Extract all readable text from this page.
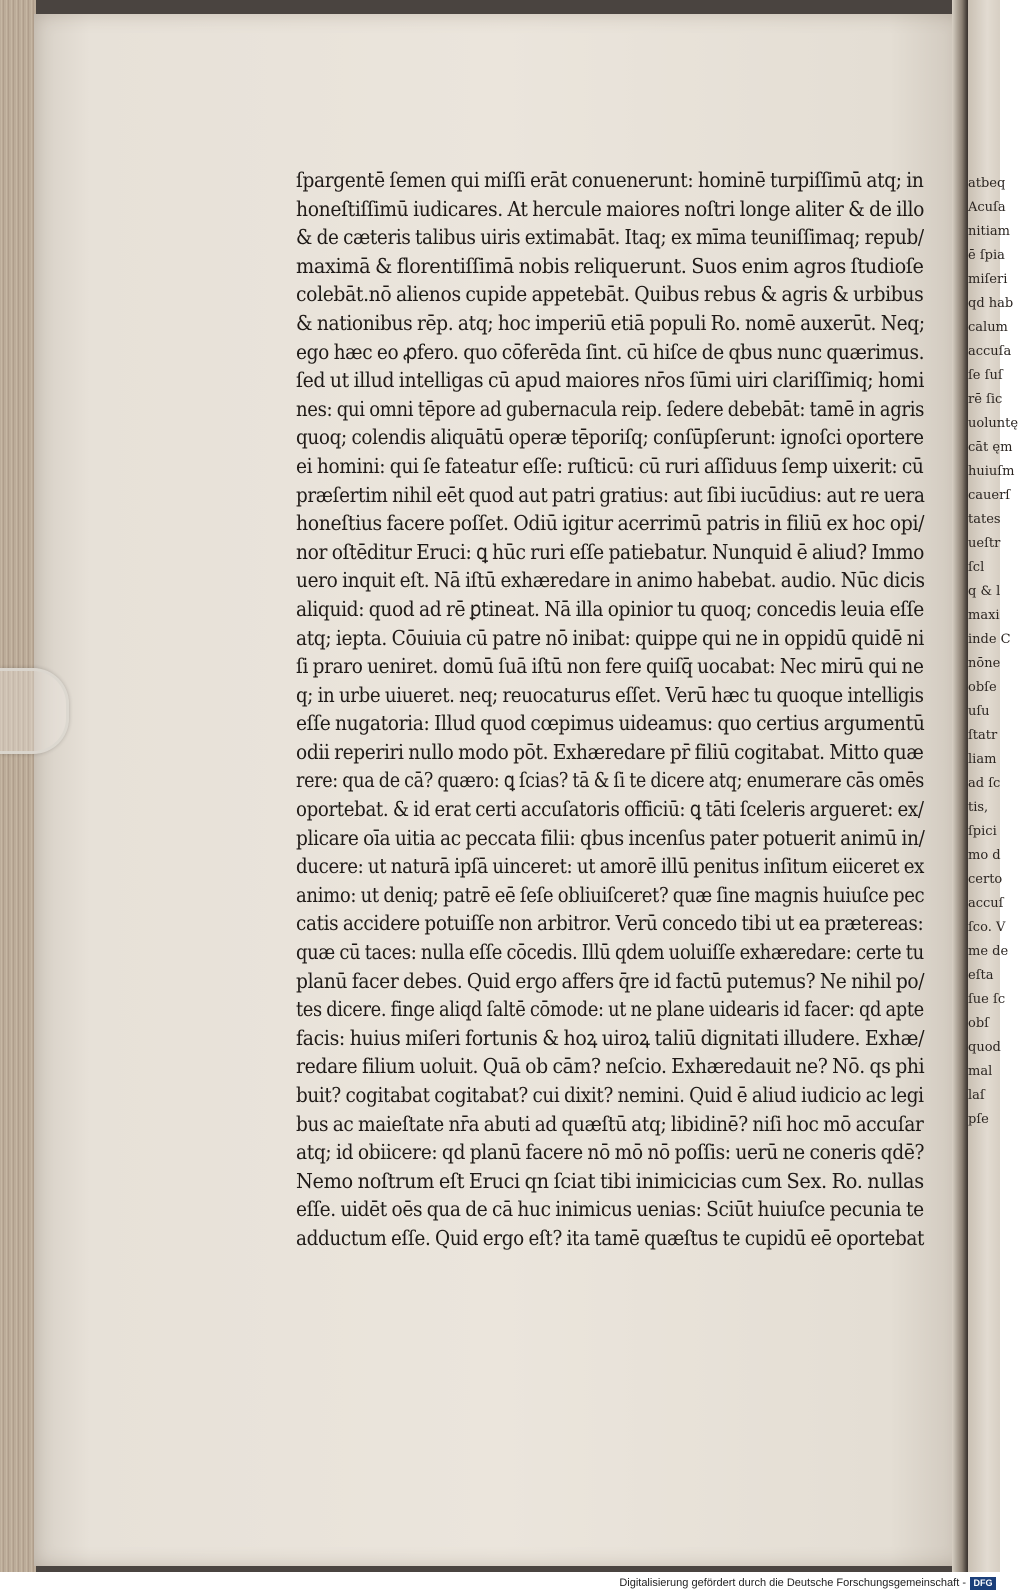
atbeq
Acuſa
nitiam
ē ſpia
miſeri
qd hab
calum
accuſa
ſe ſuſ
rē ſic
uoluntę
cāt ęm
huiuſm
cauerſ
tates
ueſtr
ſcl
q & l
maxi
inde C
nōne
obſe
uſu
ſtatr
liam
ad ſc
tis,
ſpici
mo d
certo
accuſ
ſco. V
me de
eſta
ſue ſc
obſ
quod
mal
laſ
pſe
ſpargentē ſemen qui miſſi erāt conuenerunt: hominē turpiſſimū atq; in
honeſtiſſimū iudicares. At hercule maiores noſtri longe aliter & de illo
& de cæteris talibus uiris extimabāt. Itaq; ex mīma teuniſſimaq; repub/
maximā & florentiſſimā nobis reliquerunt. Suos enim agros ſtudioſe
colebāt.nō alienos cupide appetebāt. Quibus rebus & agris & urbibus
& nationibus rēp. atq; hoc imperiū etiā populi Ro. nomē auxerūt. Neq;
ego hæc eo ꝓfero. quo cōferēda ſint. cū hiſce de qbus nunc quærimus.
ſed ut illud intelligas cū apud maiores nr̄os ſūmi uiri clariſſimiq; homi
nes: qui omni tēpore ad gubernacula reip. ſedere debebāt: tamē in agris
quoq; colendis aliquātū operæ tēporiſq; conſūpſerunt: ignoſci oportere
ei homini: qui ſe fateatur eſſe: ruſticū: cū ruri aſſiduus ſemp uixerit: cū
præſertim nihil eēt quod aut patri gratius: aut ſibi iucūdius: aut re uera
honeſtius facere poſſet. Odiū igitur acerrimū patris in filiū ex hoc opi/
nor oſtēditur Eruci: ꝗ hūc ruri eſſe patiebatur. Nunquid ē aliud? Immo
uero inquit eſt. Nā iſtū exhæredare in animo habebat. audio. Nūc dicis
aliquid: quod ad rē ꝑtineat. Nā illa opinior tu quoq; concedis leuia eſſe
atq; iepta. Cōuiuia cū patre nō inibat: quippe qui ne in oppidū quidē ni
ſi praro ueniret. domū ſuā iſtū non fere quiſq̄ uocabat: Nec mirū qui ne
q; in urbe uiueret. neq; reuocaturus eſſet. Verū hæc tu quoque intelligis
eſſe nugatoria: Illud quod cœpimus uideamus: quo certius argumentū
odii reperiri nullo modo pōt. Exhæredare pr̄ filiū cogitabat. Mitto quæ
rere: qua de cā? quæro: ꝗ ſcias? tā & ſi te dicere atq; enumerare cās omēs
oportebat. & id erat certi accuſatoris officiū: ꝗ tāti ſceleris argueret: ex/
plicare oīa uitia ac peccata filii: qbus incenſus pater potuerit animū in/
ducere: ut naturā ipſā uinceret: ut amorē illū penitus inſitum eiiceret ex
animo: ut deniq; patrē eē ſeſe obliuiſceret? quæ ſine magnis huiuſce pec
catis accidere potuiſſe non arbitror. Verū concedo tibi ut ea prætereas:
quæ cū taces: nulla eſſe cōcedis. Illū qdem uoluiſſe exhæredare: certe tu
planū facer debes. Quid ergo affers q̄re id factū putemus? Ne nihil po/
tes dicere. finge aliqd ſaltē cōmode: ut ne plane uidearis id facer: qd apte
facis: huius miſeri fortunis & hoꝝ uiroꝝ taliū dignitati illudere. Exhæ/
redare filium uoluit. Quā ob cām? neſcio. Exhæredauit ne? Nō. qs phi
buit? cogitabat cogitabat? cui dixit? nemini. Quid ē aliud iudicio ac legi
bus ac maieſtate nr̄a abuti ad quæſtū atq; libidinē? niſi hoc mō accuſar
atq; id obiicere: qd planū facere nō mō nō poſſis: uerū ne coneris qdē?
Nemo noſtrum eſt Eruci qn ſciat tibi inimicicias cum Sex. Ro. nullas
eſſe. uidēt oēs qua de cā huc inimicus uenias: Sciūt huiuſce pecunia te
adductum eſſe. Quid ergo eſt? ita tamē quæſtus te cupidū eē oportebat
Digitalisierung gefördert durch die Deutsche Forschungsgemeinschaft - DFG
